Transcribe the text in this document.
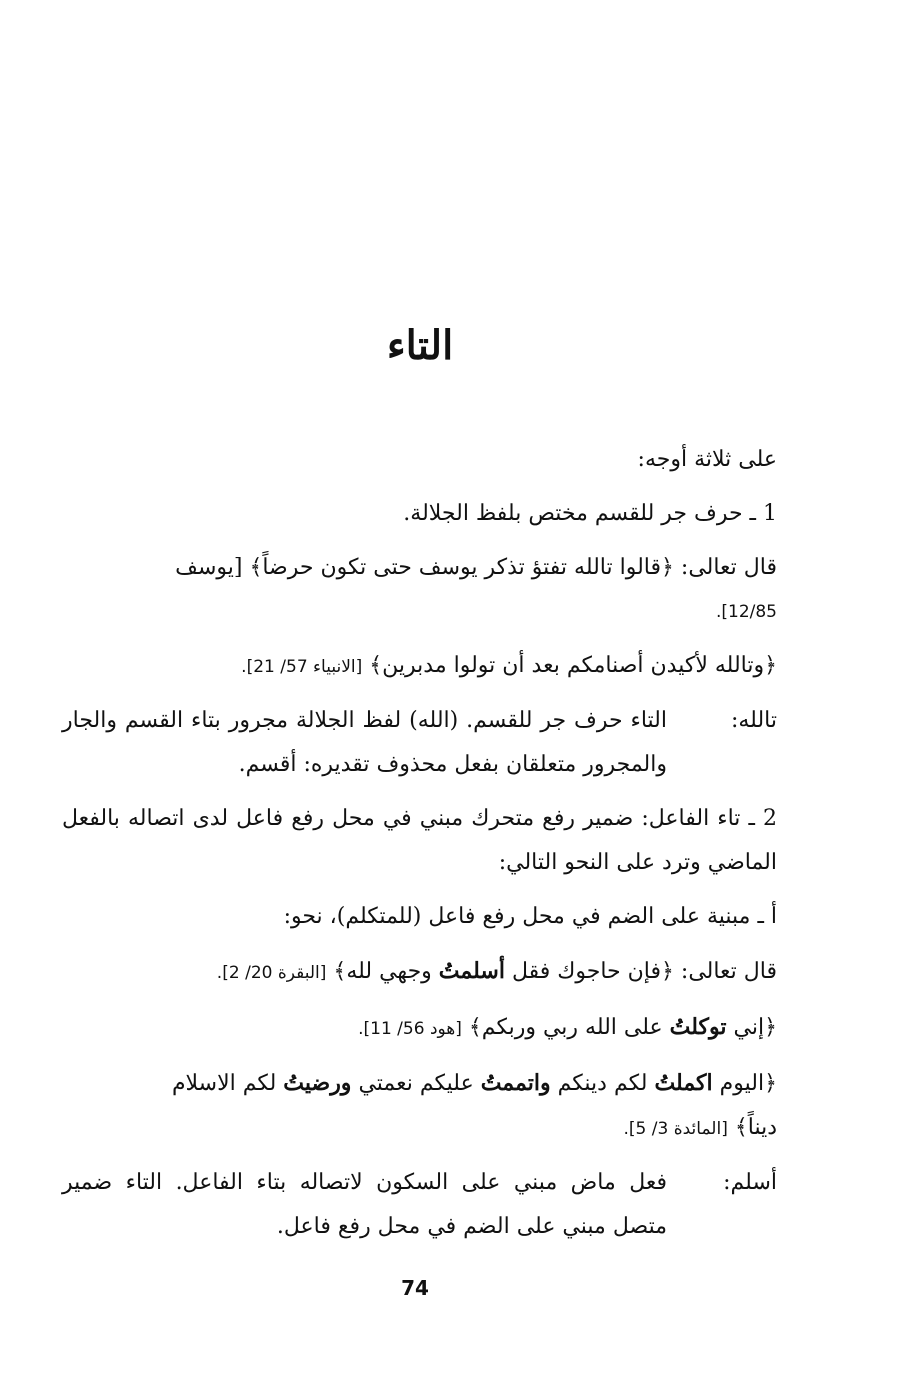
التاء

على ثلاثة أوجه:

1 ـ حرف جر للقسم مختص بلفظ الجلالة.

قال تعالى: ﴿قالوا تالله تفتؤ تذكر يوسف حتى تكون حرضاً﴾ [يوسف
12/85].

﴿وتالله لأكيدن أصنامكم بعد أن تولوا مدبرين﴾ [الانبياء 57/ 21].

تالله:
التاء حرف جر للقسم. (الله) لفظ الجلالة مجرور بتاء القسم والجار والمجرور متعلقان بفعل محذوف تقديره: أقسم.

2 ـ تاء الفاعل: ضمير رفع متحرك مبني في محل رفع فاعل لدى اتصاله بالفعل الماضي وترد على النحو التالي:

أ ـ مبنية على الضم في محل رفع فاعل (للمتكلم)، نحو:

قال تعالى: ﴿فإن حاجوك فقل أسلمتُ وجهي لله﴾ [البقرة 20/ 2].

﴿إني توكلتُ على الله ربي وربكم﴾ [هود 56/ 11].

﴿اليوم اكملتُ لكم دينكم واتممتُ عليكم نعمتي ورضيتُ لكم الاسلام
ديناً﴾ [المائدة 3/ 5].
أسلم:
فعل ماض مبني على السكون لاتصاله بتاء الفاعل. التاء ضمير متصل مبني على الضم في محل رفع فاعل.
74
